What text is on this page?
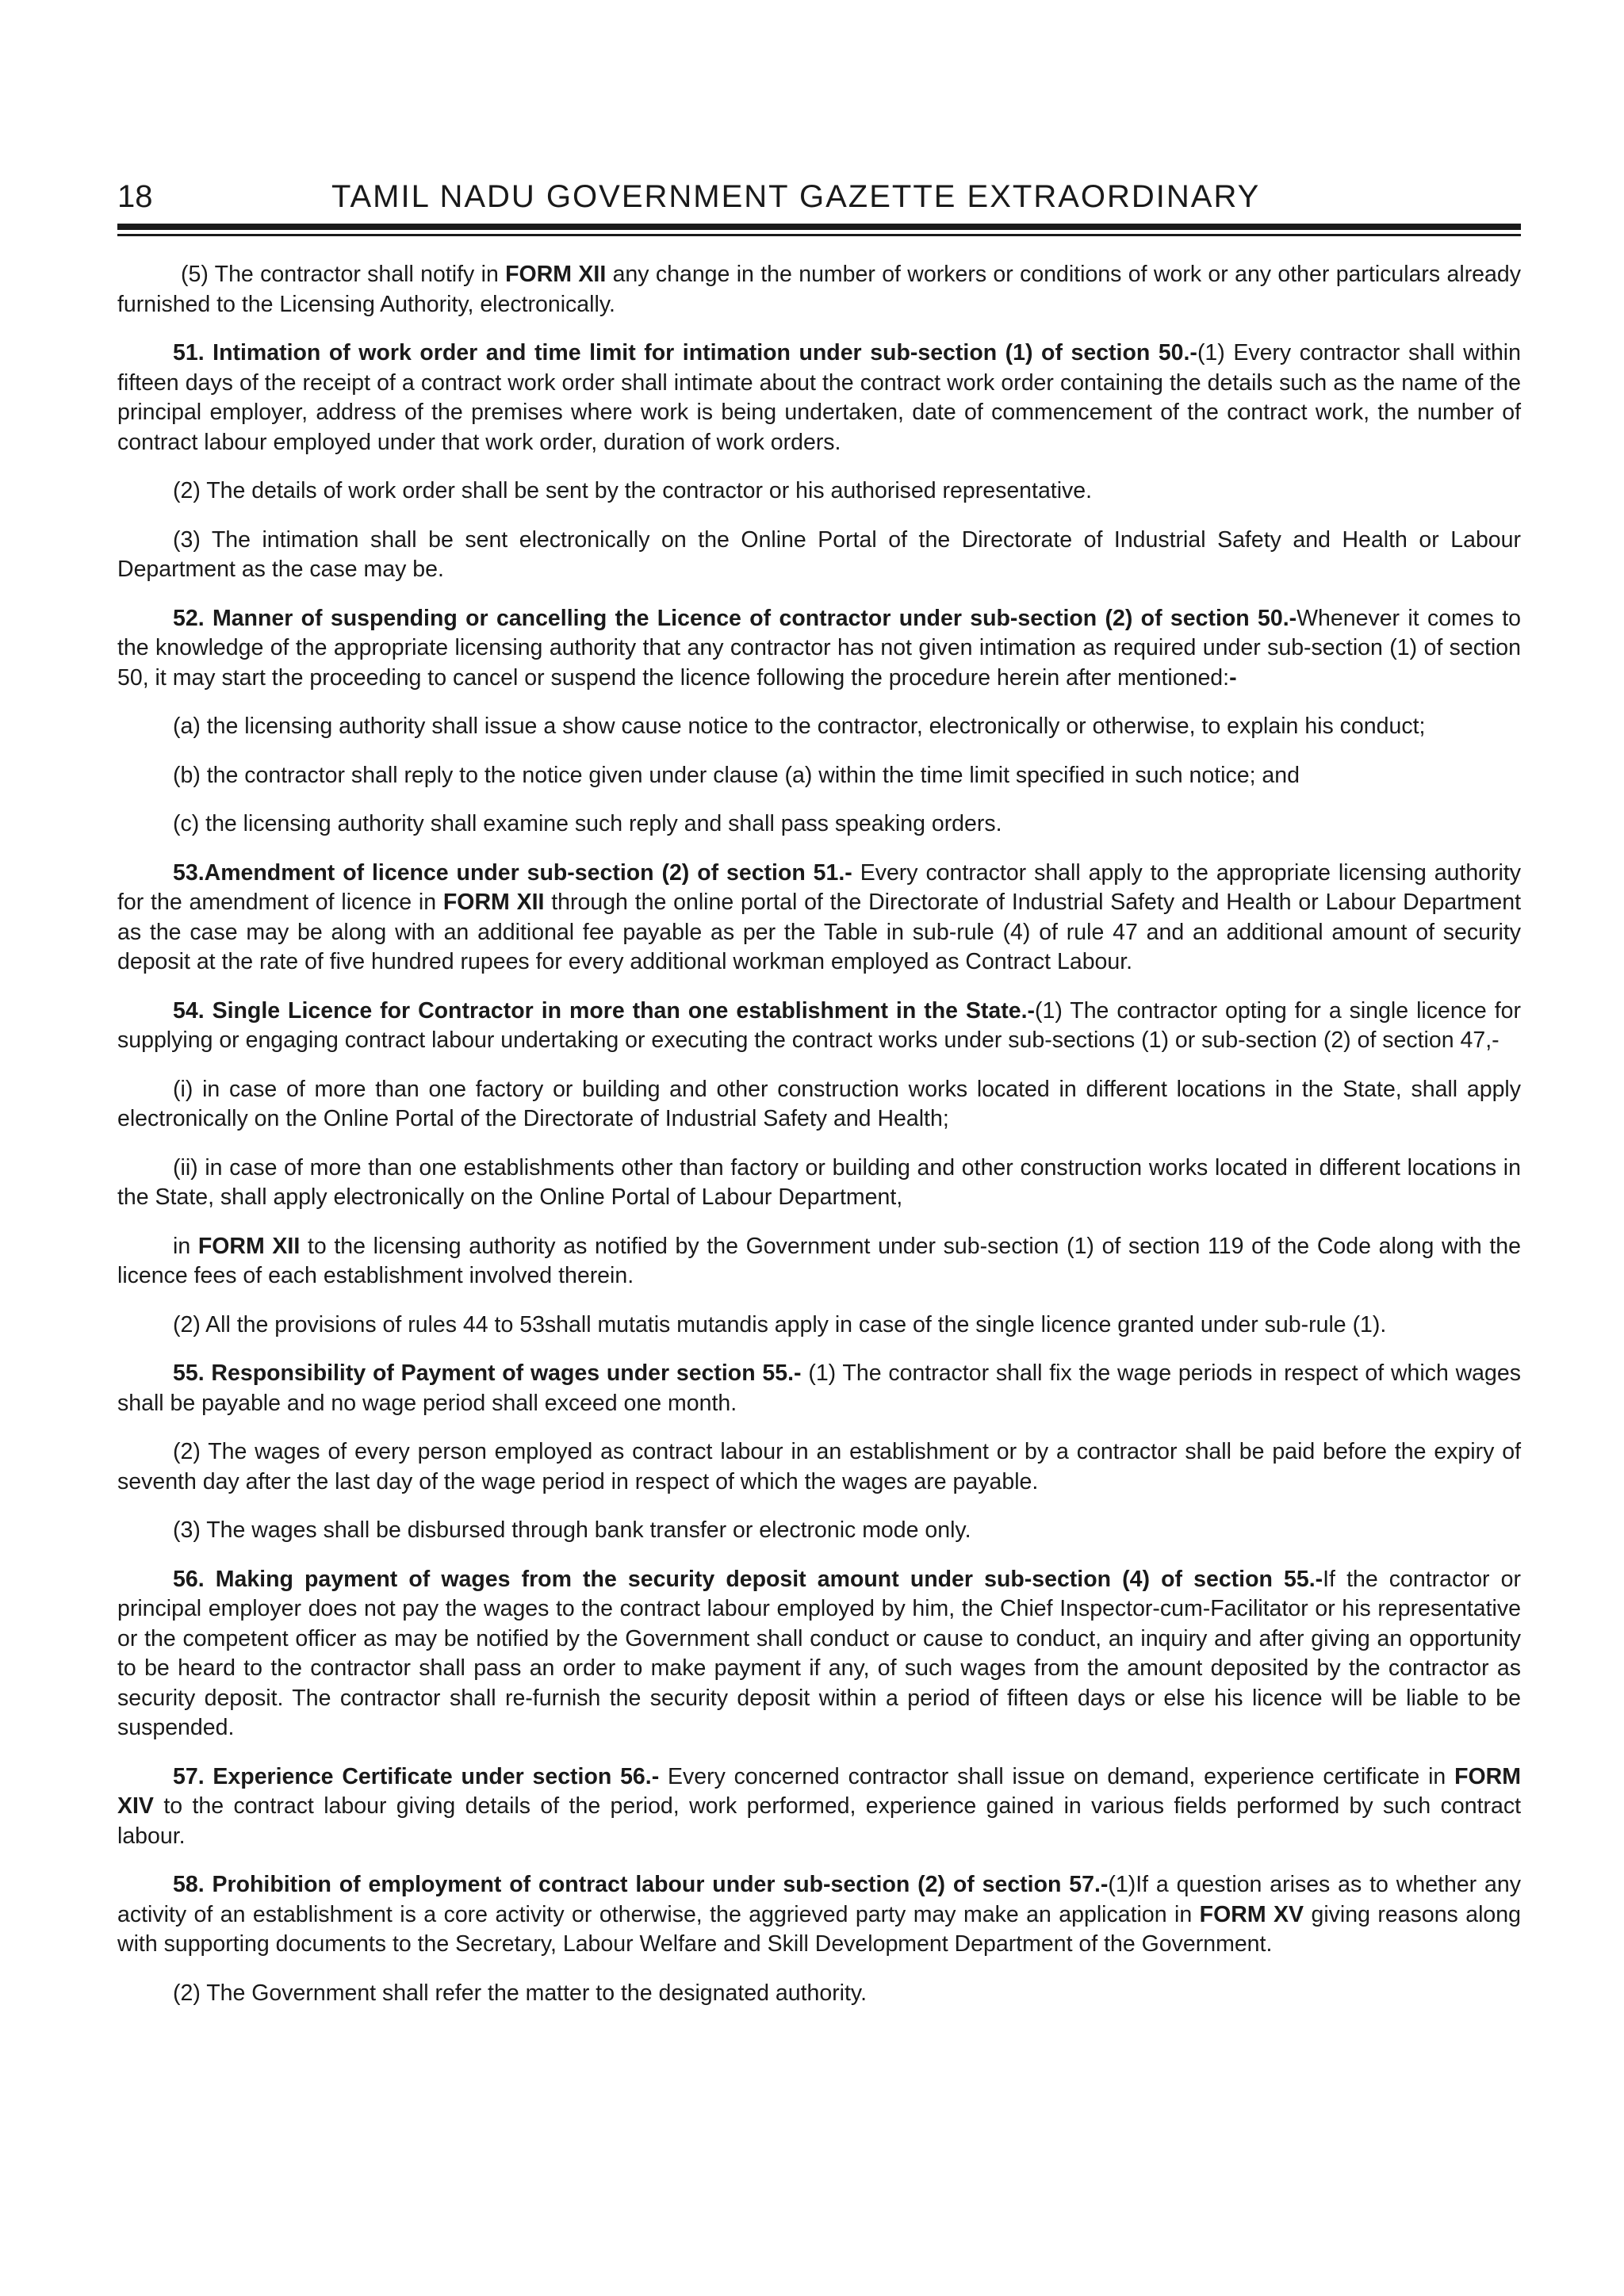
18	TAMIL NADU GOVERNMENT GAZETTE EXTRAORDINARY

(5) The contractor shall notify in FORM XII any change in the number of workers or conditions of work or any other particulars already furnished to the Licensing Authority, electronically.

51. Intimation of work order and time limit for intimation under sub-section (1) of section 50.-(1) Every contractor shall within fifteen days of the receipt of a contract work order shall intimate about the contract work order containing the details such as the name of the principal employer, address of the premises where work is being undertaken, date of commencement of the contract work, the number of contract labour employed under that work order, duration of work orders.

(2) The details of work order shall be sent by the contractor or his authorised representative.

(3) The intimation shall be sent electronically on the Online Portal of the Directorate of Industrial Safety and Health or Labour Department as the case may be.

52. Manner of suspending or cancelling the Licence of contractor under sub-section (2) of section 50.-Whenever it comes to the knowledge of the appropriate licensing authority that any contractor has not given intimation as required under sub-section (1) of section 50, it may start the proceeding to cancel or suspend the licence following the procedure herein after mentioned:-

(a) the licensing authority shall issue a show cause notice to the contractor, electronically or otherwise, to explain his conduct;

(b) the contractor shall reply to the notice given under clause (a) within the time limit specified in such notice; and

(c) the licensing authority shall examine such reply and shall pass speaking orders.

53.Amendment of licence under sub-section (2) of section 51.- Every contractor shall apply to the appropriate licensing authority for the amendment of licence in FORM XII through the online portal of the Directorate of Industrial Safety and Health or Labour Department as the case may be along with an additional fee payable as per the Table in sub-rule (4) of rule 47 and an additional amount of security deposit at the rate of five hundred rupees for every additional workman employed as Contract Labour.

54. Single Licence for Contractor in more than one establishment in the State.-(1) The contractor opting for a single licence for supplying or engaging contract labour undertaking or executing the contract works under sub-sections (1) or sub-section (2) of section 47,-

(i) in case of more than one factory or building and other construction works located in different locations in the State, shall apply electronically on the Online Portal of the Directorate of Industrial Safety and Health;

(ii) in case of more than one establishments other than factory or building and other construction works located in different locations in the State, shall apply electronically on the Online Portal of Labour Department,

in FORM XII to the licensing authority as notified by the Government under sub-section (1) of section 119 of the Code along with the licence fees of each establishment involved therein.

(2) All the provisions of rules 44 to 53shall mutatis mutandis apply in case of the single licence granted under sub-rule (1).

55. Responsibility of Payment of wages under section 55.- (1) The contractor shall fix the wage periods in respect of which wages shall be payable and no wage period shall exceed one month.

(2) The wages of every person employed as contract labour in an establishment or by a contractor shall be paid before the expiry of seventh day after the last day of the wage period in respect of which the wages are payable.

(3) The wages shall be disbursed through bank transfer or electronic mode only.

56. Making payment of wages from the security deposit amount under sub-section (4) of section 55.-If the contractor or principal employer does not pay the wages to the contract labour employed by him, the Chief Inspector-cum-Facilitator or his representative or the competent officer as may be notified by the Government shall conduct or cause to conduct, an inquiry and after giving an opportunity to be heard to the contractor shall pass an order to make payment if any, of such wages from the amount deposited by the contractor as security deposit. The contractor shall re-furnish the security deposit within a period of fifteen days or else his licence will be liable to be suspended.

57. Experience Certificate under section 56.- Every concerned contractor shall issue on demand, experience certificate in FORM XIV to the contract labour giving details of the period, work performed, experience gained in various fields performed by such contract labour.

58. Prohibition of employment of contract labour under sub-section (2) of section 57.-(1)If a question arises as to whether any activity of an establishment is a core activity or otherwise, the aggrieved party may make an application in FORM XV giving reasons along with supporting documents to the Secretary, Labour Welfare and Skill Development Department of the Government.

(2) The Government shall refer the matter to the designated authority.
